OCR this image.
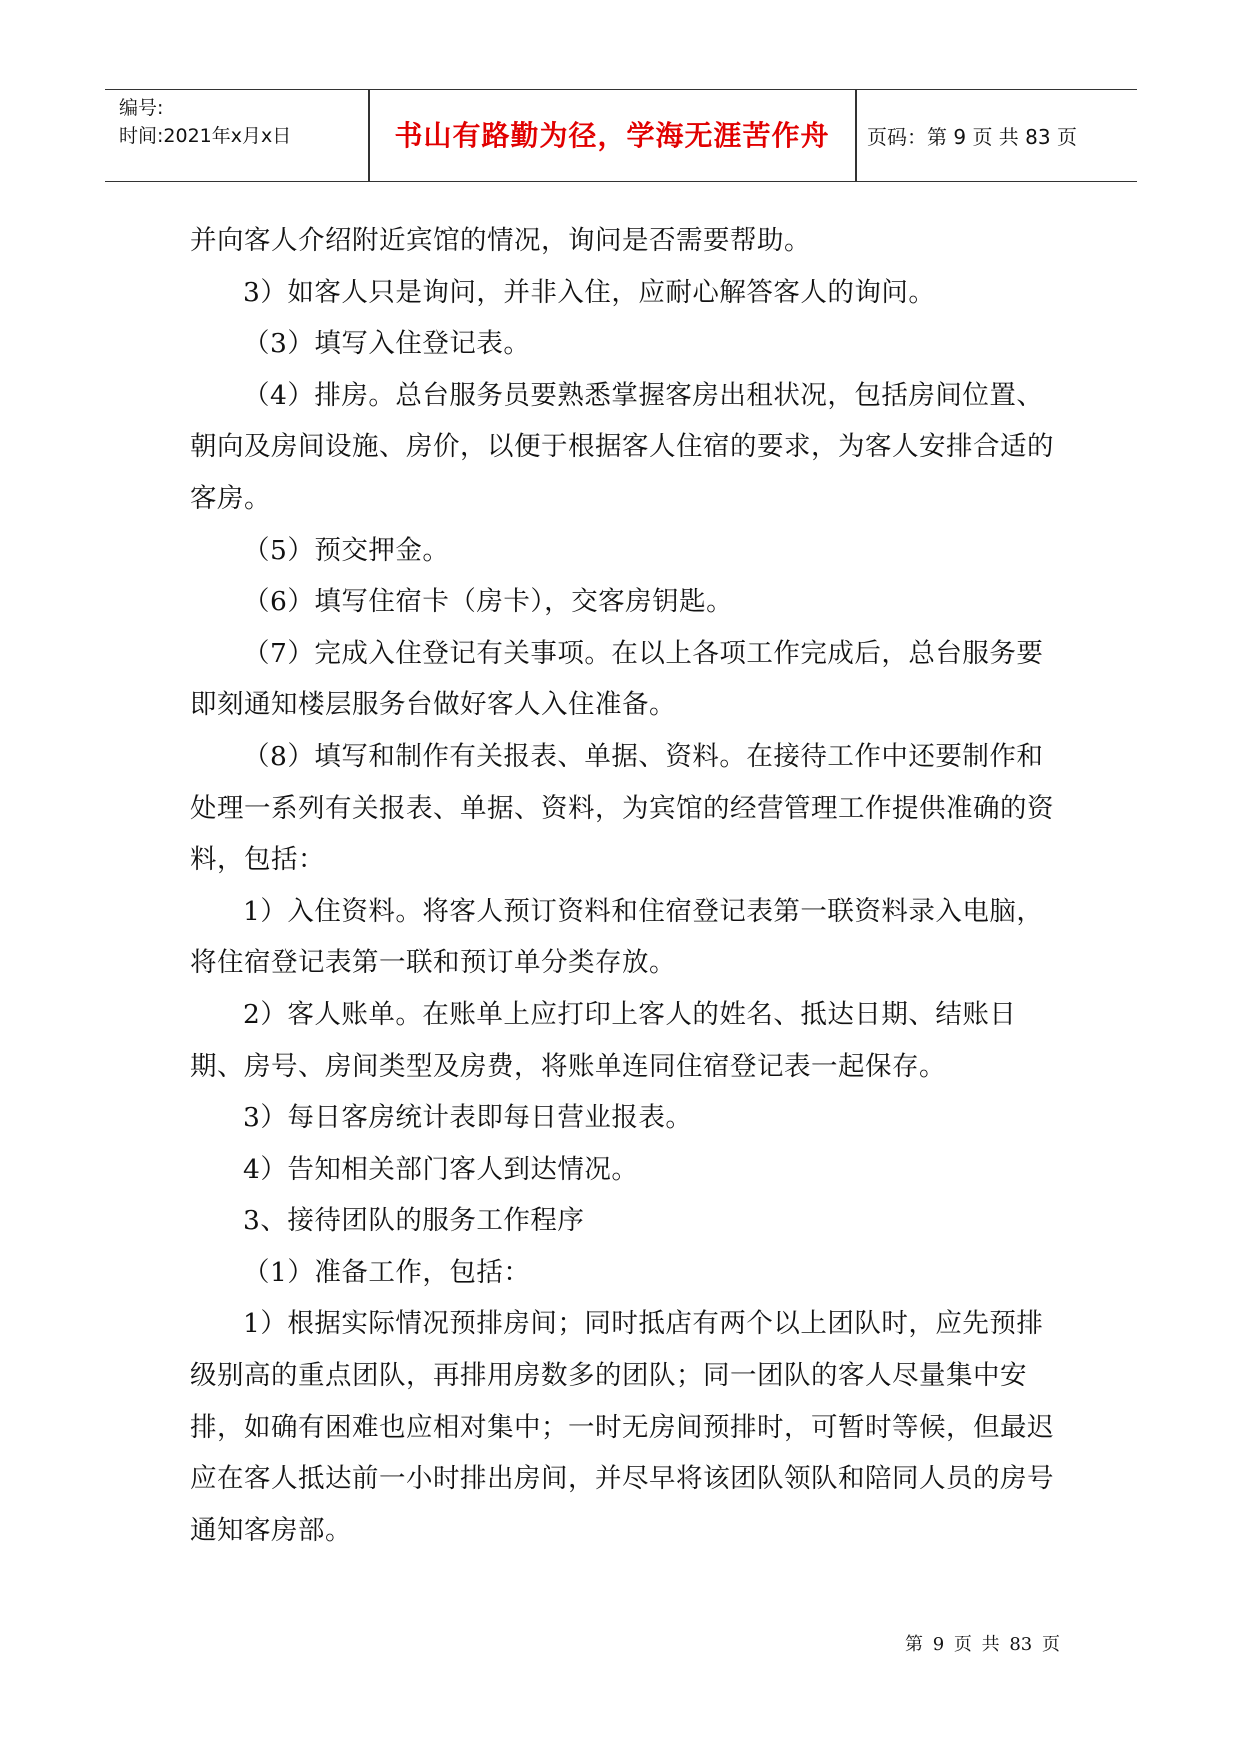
编号:
时间:2021年x月x日	书山有路勤为径，学海无涯苦作舟	页码：第 9 页 共 83 页

并向客人介绍附近宾馆的情况，询问是否需要帮助。

3）如客人只是询问，并非入住，应耐心解答客人的询问。

（3）填写入住登记表。

（4）排房。总台服务员要熟悉掌握客房出租状况，包括房间位置、朝向及房间设施、房价，以便于根据客人住宿的要求，为客人安排合适的客房。

（5）预交押金。

（6）填写住宿卡（房卡），交客房钥匙。

（7）完成入住登记有关事项。在以上各项工作完成后，总台服务要即刻通知楼层服务台做好客人入住准备。

（8）填写和制作有关报表、单据、资料。在接待工作中还要制作和处理一系列有关报表、单据、资料，为宾馆的经营管理工作提供准确的资料，包括：

1）入住资料。将客人预订资料和住宿登记表第一联资料录入电脑，将住宿登记表第一联和预订单分类存放。

2）客人账单。在账单上应打印上客人的姓名、抵达日期、结账日期、房号、房间类型及房费，将账单连同住宿登记表一起保存。

3）每日客房统计表即每日营业报表。

4）告知相关部门客人到达情况。

3、接待团队的服务工作程序

（1）准备工作，包括：

1）根据实际情况预排房间；同时抵店有两个以上团队时，应先预排级别高的重点团队，再排用房数多的团队；同一团队的客人尽量集中安排，如确有困难也应相对集中；一时无房间预排时，可暂时等候，但最迟应在客人抵达前一小时排出房间，并尽早将该团队领队和陪同人员的房号通知客房部。

第 9 页 共 83 页
